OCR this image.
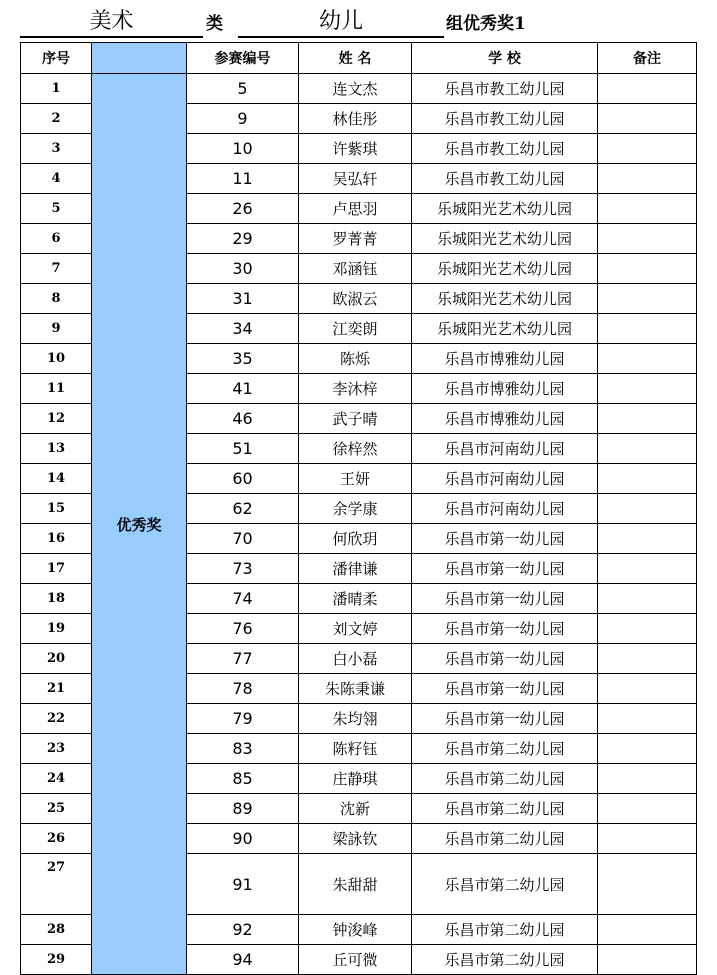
美术	类	幼儿	组优秀奖1
序号		参赛编号	姓 名	学 校	备注
1	优秀奖	5	连文杰	乐昌市教工幼儿园	
2		9	林佳彤	乐昌市教工幼儿园	
3		10	许紫琪	乐昌市教工幼儿园	
4		11	吴弘轩	乐昌市教工幼儿园	
5		26	卢思羽	乐城阳光艺术幼儿园	
6		29	罗菁菁	乐城阳光艺术幼儿园	
7		30	邓涵钰	乐城阳光艺术幼儿园	
8		31	欧淑云	乐城阳光艺术幼儿园	
9		34	江奕朗	乐城阳光艺术幼儿园	
10		35	陈烁	乐昌市博雅幼儿园	
11		41	李沐梓	乐昌市博雅幼儿园	
12		46	武子晴	乐昌市博雅幼儿园	
13		51	徐梓然	乐昌市河南幼儿园	
14		60	王妍	乐昌市河南幼儿园	
15		62	余学康	乐昌市河南幼儿园	
16		70	何欣玥	乐昌市第一幼儿园	
17		73	潘律谦	乐昌市第一幼儿园	
18		74	潘晴柔	乐昌市第一幼儿园	
19		76	刘文婷	乐昌市第一幼儿园	
20		77	白小磊	乐昌市第一幼儿园	
21		78	朱陈秉谦	乐昌市第一幼儿园	
22		79	朱均翎	乐昌市第一幼儿园	
23		83	陈籽钰	乐昌市第二幼儿园	
24		85	庄静琪	乐昌市第二幼儿园	
25		89	沈新	乐昌市第二幼儿园	
26		90	梁詠钦	乐昌市第二幼儿园	
27		91	朱甜甜	乐昌市第二幼儿园	
28		92	钟浚峰	乐昌市第二幼儿园	
29		94	丘可微	乐昌市第二幼儿园	
